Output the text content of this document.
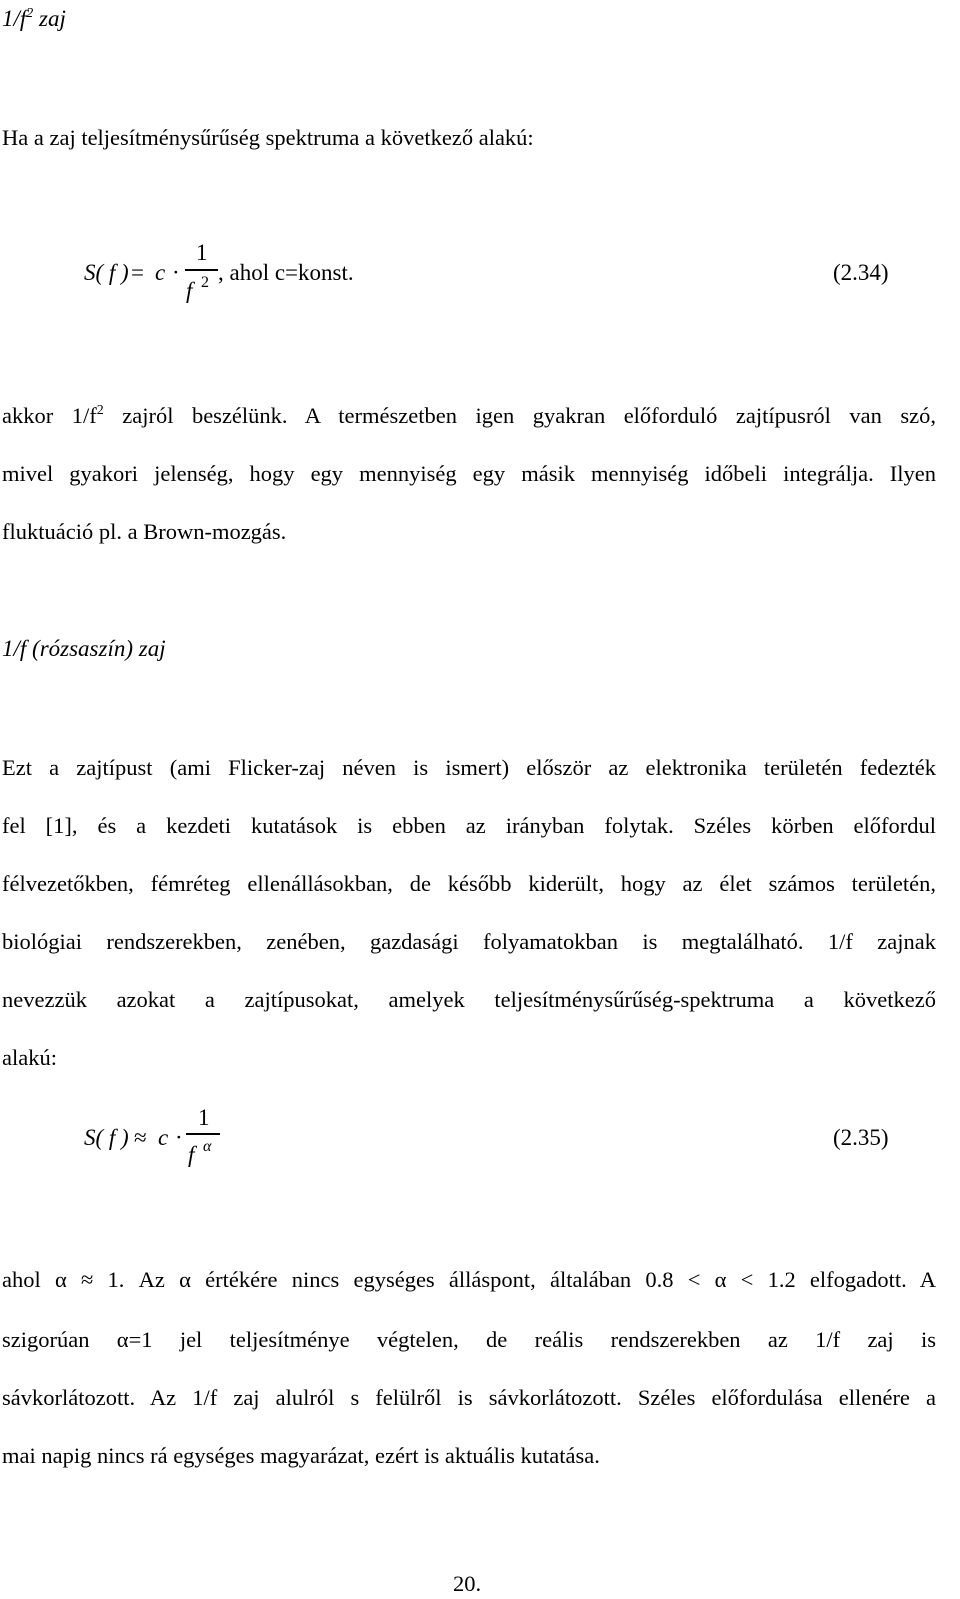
$1/f^2$ zaj
Ha a zaj teljesítménysűrűség spektruma a következő alakú:
S( f ) = c ·
1
f 2 , ahol c=konst.	(2.34)
akkor $1/f^2$ zajról beszélünk. A természetben igen gyakran előforduló zajtípusról van szó,
mivel gyakori jelenség, hogy egy mennyiség egy másik mennyiség időbeli integrálja. Ilyen
fluktuáció pl. a Brown-mozgás.
1/f (rózsaszín) zaj
Ezt a zajtípust (ami Flicker-zaj néven is ismert) először az elektronika területén fedezték
fel [1], és a kezdeti kutatások is ebben az irányban folytak. Széles körben előfordul
félvezetőkben, fémréteg ellenállásokban, de később kiderült, hogy az élet számos területén,
biológiai rendszerekben, zenében, gazdasági folyamatokban is megtalálható. 1/f zajnak
nevezzük azokat a zajtípusokat, amelyek teljesítménysűrűség-spektruma a következő
alakú:
S( f ) ≈ c ·
1
f α	(2.35)
ahol α ≈ 1. Az α értékére nincs egységes álláspont, általában 0.8 < α < 1.2 elfogadott. A
szigorúan α=1 jel teljesítménye végtelen, de reális rendszerekben az 1/f zaj is
sávkorlátozott. Az 1/f zaj alulról s felülről is sávkorlátozott. Széles előfordulása ellenére a
mai napig nincs rá egységes magyarázat, ezért is aktuális kutatása.
20.
